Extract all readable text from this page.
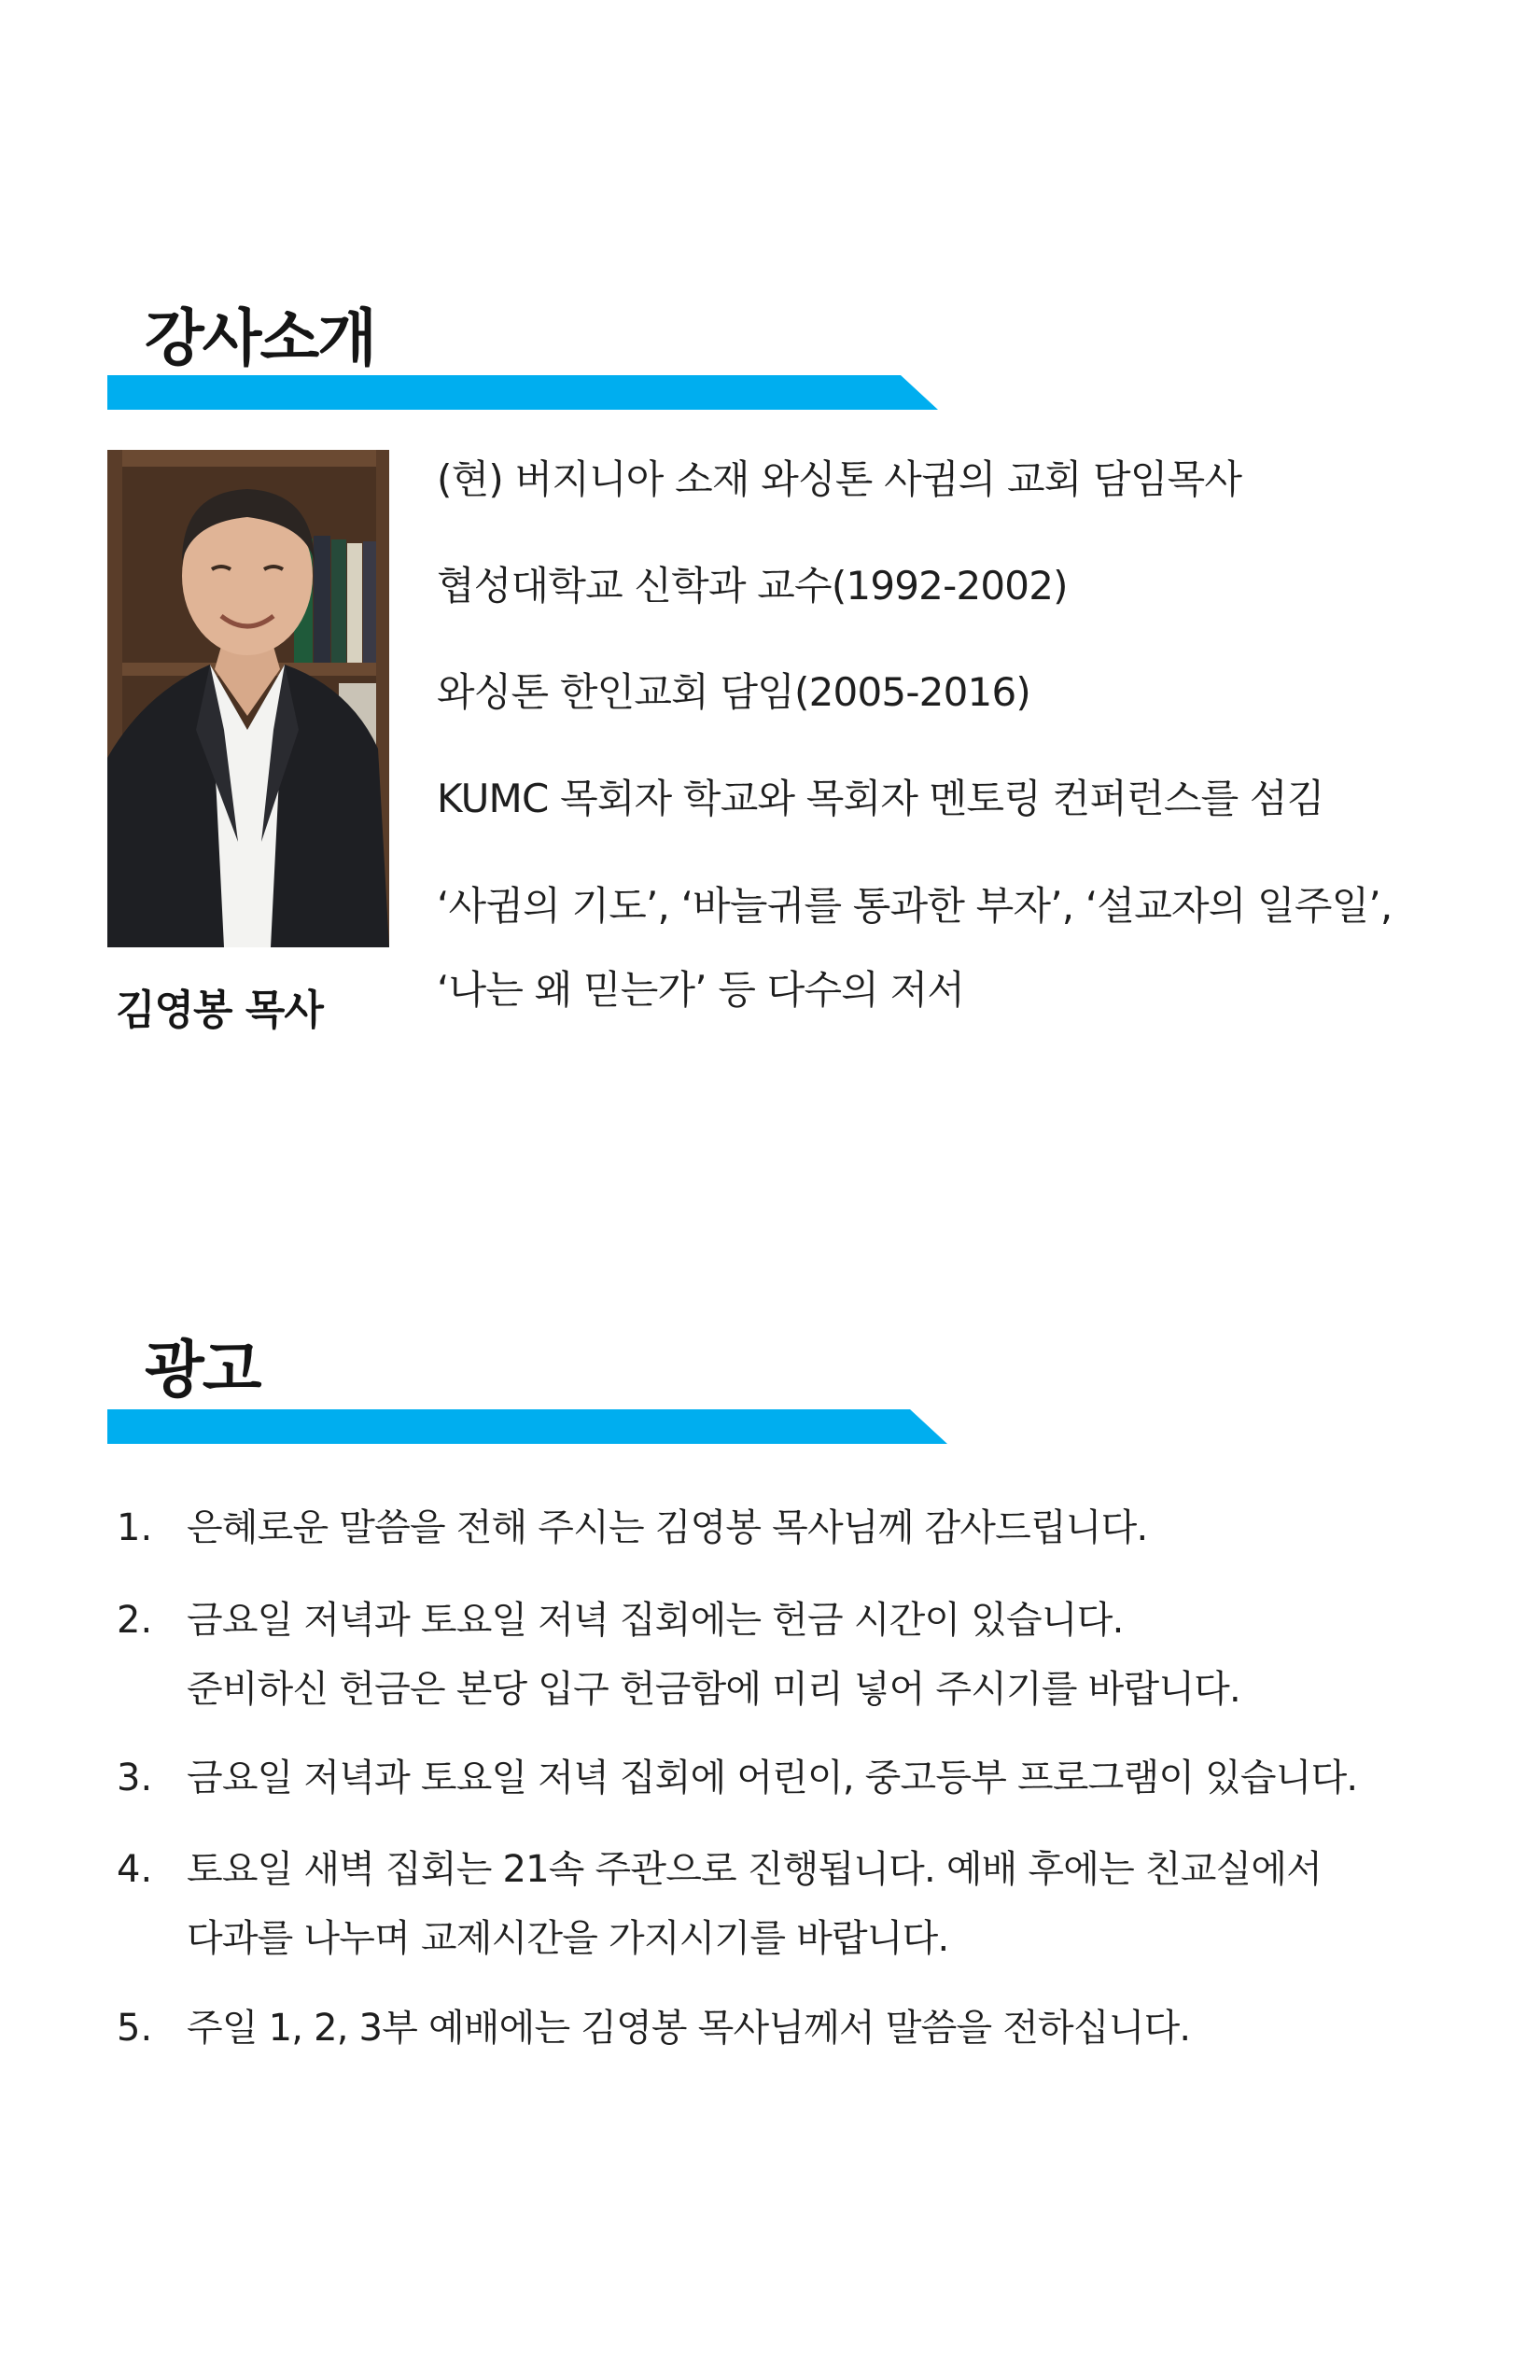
강사소개
김영봉 목사
(현) 버지니아 소재 와싱톤 사귐의 교회 담임목사
협성대학교 신학과 교수(1992-2002)
와싱톤 한인교회 담임(2005-2016)
KUMC 목회자 학교와 목회자 멘토링 컨퍼런스를 섬김
‘사귐의 기도’, ‘바늘귀를 통과한 부자’, ‘설교자의 일주일’,
‘나는 왜 믿는가’ 등 다수의 저서
광고
1. 은혜로운 말씀을 전해 주시는 김영봉 목사님께 감사드립니다.
2. 금요일 저녁과 토요일 저녁 집회에는 헌금 시간이 있습니다.
준비하신 헌금은 본당 입구 헌금함에 미리 넣어 주시기를 바랍니다.
3. 금요일 저녁과 토요일 저녁 집회에 어린이, 중고등부 프로그램이 있습니다.
4. 토요일 새벽 집회는 21속 주관으로 진행됩니다. 예배 후에는 친교실에서
다과를 나누며 교제시간을 가지시기를 바랍니다.
5. 주일 1, 2, 3부 예배에는 김영봉 목사님께서 말씀을 전하십니다.
